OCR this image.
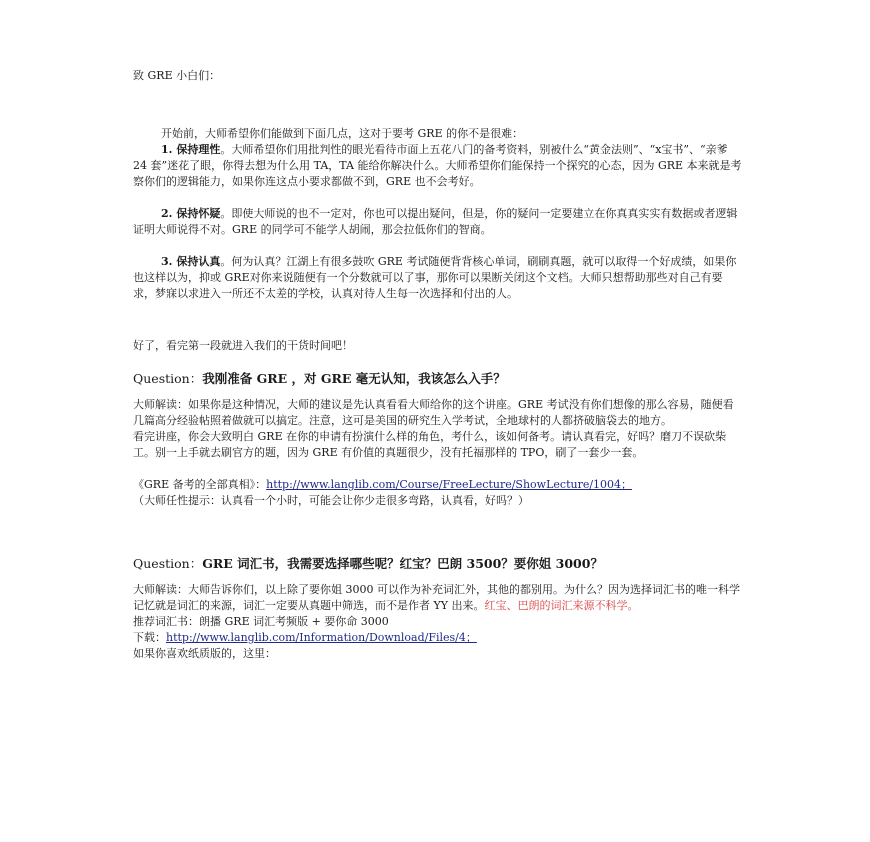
致 GRE 小白们：

开始前，大师希望你们能做到下面几点，这对于要考 GRE 的你不是很难：

1. 保持理性。大师希望你们用批判性的眼光看待市面上五花八门的备考资料，别被什么“黄金法则”、“x宝书”、“亲爹 24 套”迷花了眼，你得去想为什么用 TA，TA 能给你解决什么。大师希望你们能保持一个探究的心态，因为 GRE 本来就是考察你们的逻辑能力，如果你连这点小要求都做不到，GRE 也不会考好。

2. 保持怀疑。即使大师说的也不一定对，你也可以提出疑问，但是，你的疑问一定要建立在你真真实实有数据或者逻辑证明大师说得不对。GRE 的同学可不能学人胡闹，那会拉低你们的智商。

3. 保持认真。何为认真？江湖上有很多鼓吹 GRE 考试随便背背核心单词，刷刷真题，就可以取得一个好成绩，如果你也这样以为，抑或 GRE对你来说随便有一个分数就可以了事，那你可以果断关闭这个文档。大师只想帮助那些对自己有要求，梦寐以求进入一所还不太差的学校，认真对待人生每一次选择和付出的人。

好了，看完第一段就进入我们的干货时间吧！

Question：我刚准备 GRE ，对 GRE 毫无认知，我该怎么入手？

大师解读：如果你是这种情况，大师的建议是先认真看看大师给你的这个讲座。GRE 考试没有你们想像的那么容易，随便看几篇高分经验帖照着做就可以搞定。注意，这可是美国的研究生入学考试，全地球村的人都挤破脑袋去的地方。

看完讲座，你会大致明白 GRE 在你的申请有扮演什么样的角色，考什么，该如何备考。请认真看完，好吗？磨刀不误砍柴工。别一上手就去刷官方的题，因为 GRE 有价值的真题很少，没有托福那样的 TPO，刷了一套少一套。

《GRE 备考的全部真相》：http://www.langlib.com/Course/FreeLecture/ShowLecture/1004；

（大师任性提示：认真看一个小时，可能会让你少走很多弯路，认真看，好吗？）

Question：GRE 词汇书，我需要选择哪些呢？红宝？巴朗 3500？要你姐 3000？

大师解读：大师告诉你们，以上除了要你姐 3000 可以作为补充词汇外，其他的都别用。为什么？因为选择词汇书的唯一科学记忆就是词汇的来源，词汇一定要从真题中筛选，而不是作者 YY 出来。红宝、巴朗的词汇来源不科学。

推荐词汇书：朗播 GRE 词汇考频版 + 要你命 3000

下载：http://www.langlib.com/Information/Download/Files/4；

如果你喜欢纸质版的，这里：
